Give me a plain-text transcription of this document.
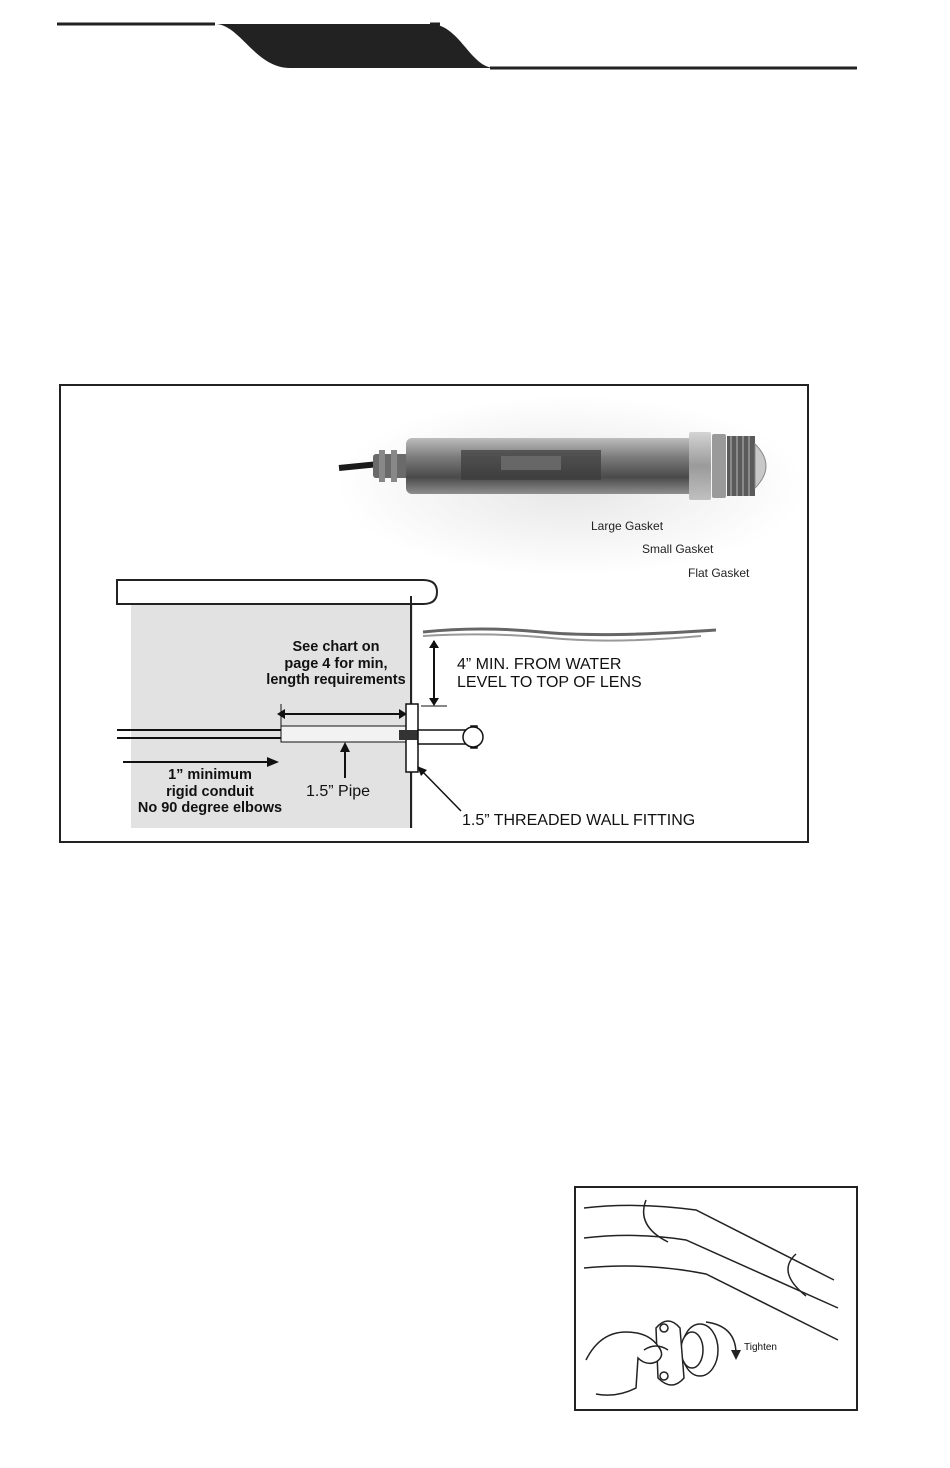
Large Gasket
Small Gasket
Flat Gasket
See chart on
page 4 for min,
length requirements
4” MIN. FROM WATER
LEVEL TO TOP OF LENS
1” minimum
rigid conduit
No 90 degree elbows
1.5” Pipe
1.5” THREADED WALL FITTING
Tighten
